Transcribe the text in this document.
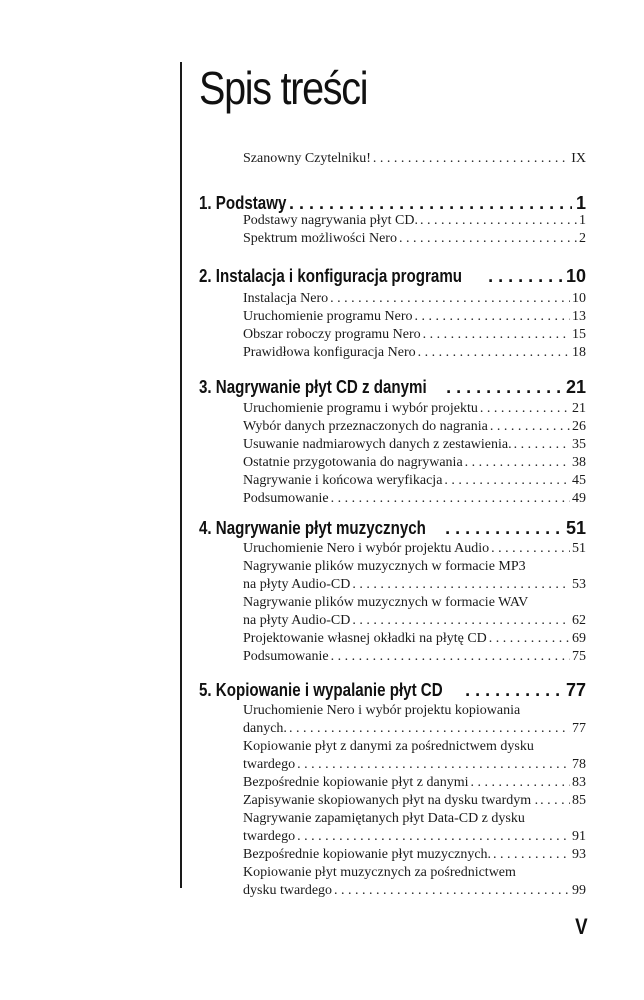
Spis treści
Szanowny Czytelniku! . . .	IX
1. Podstawy . . .	1
Podstawy nagrywania płyt CD. . . .	1
Spektrum możliwości Nero . . .	2
2. Instalacja i konfiguracja programu . . .	10
Instalacja Nero . . .	10
Uruchomienie programu Nero . . .	13
Obszar roboczy programu Nero . . .	15
Prawidłowa konfiguracja Nero . . .	18
3. Nagrywanie płyt CD z danymi . . .	21
Uruchomienie programu i wybór projektu . . .	21
Wybór danych przeznaczonych do nagrania . . .	26
Usuwanie nadmiarowych danych z zestawienia. . . .	35
Ostatnie przygotowania do nagrywania . . .	38
Nagrywanie i końcowa weryfikacja . . .	45
Podsumowanie . . .	49
4. Nagrywanie płyt muzycznych . . .	51
Uruchomienie Nero i wybór projektu Audio . . .	51
Nagrywanie plików muzycznych w formacie MP3
na płyty Audio-CD . . .	53
Nagrywanie plików muzycznych w formacie WAV
na płyty Audio-CD . . .	62
Projektowanie własnej okładki na płytę CD . . .	69
Podsumowanie . . .	75
5. Kopiowanie i wypalanie płyt CD . . .	77
Uruchomienie Nero i wybór projektu kopiowania
danych. . . .	77
Kopiowanie płyt z danymi za pośrednictwem dysku
twardego . . .	78
Bezpośrednie kopiowanie płyt z danymi . . .	83
Zapisywanie skopiowanych płyt na dysku twardym . . . . 85
Nagrywanie zapamiętanych płyt Data-CD z dysku
twardego . . .	91
Bezpośrednie kopiowanie płyt muzycznych. . . .	93
Kopiowanie płyt muzycznych za pośrednictwem
dysku twardego . . .	99
V
